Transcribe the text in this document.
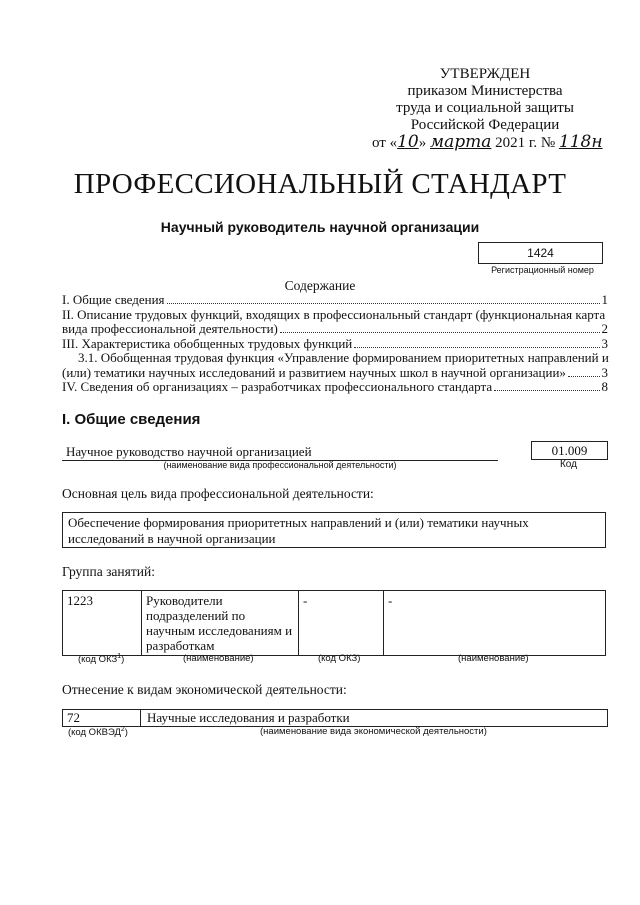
УТВЕРЖДЕН
приказом Министерства
труда и социальной защиты
Российской Федерации
от «10» марта 2021 г. № 118н
ПРОФЕССИОНАЛЬНЫЙ СТАНДАРТ
Научный руководитель научной организации
1424
Регистрационный номер
Содержание
I. Общие сведения	1
II. Описание трудовых функций, входящих в профессиональный стандарт (функциональная карта
вида профессиональной деятельности)	2
III. Характеристика обобщенных трудовых функций	3
3.1. Обобщенная трудовая функция «Управление формированием приоритетных направлений и
(или) тематики научных исследований и развитием научных школ в научной организации»	3
IV. Сведения об организациях – разработчиках профессионального стандарта	8
I. Общие сведения
Научное руководство научной организацией
(наименование вида профессиональной деятельности)
01.009
Код
Основная цель вида профессиональной деятельности:
Обеспечение формирования приоритетных направлений и (или) тематики научных исследований в научной организации
Группа занятий:
1223	Руководители подразделений по научным исследованиям и разработкам	-	-
(код ОКЗ$^1$)	(наименование)	(код ОКЗ)	(наименование)
Отнесение к видам экономической деятельности:
72	Научные исследования и разработки
(код ОКВЭД$^2$)	(наименование вида экономической деятельности)
